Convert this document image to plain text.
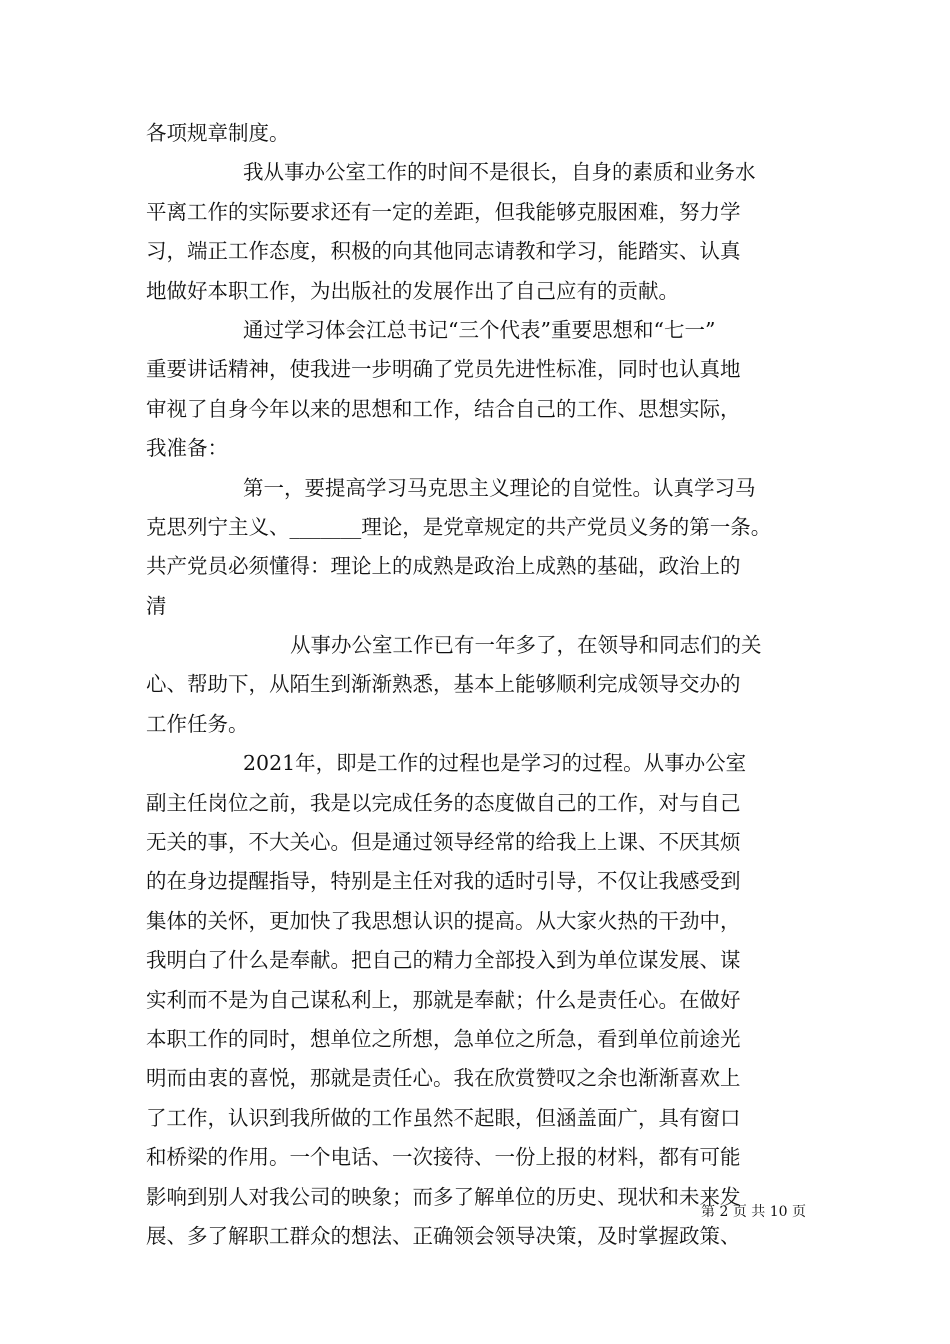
各项规章制度。
我从事办公室工作的时间不是很长，自身的素质和业务水
平离工作的实际要求还有一定的差距，但我能够克服困难，努力学
习，端正工作态度，积极的向其他同志请教和学习，能踏实、认真
地做好本职工作，为出版社的发展作出了自己应有的贡献。
通过学习体会江总书记“三个代表”重要思想和“七一”
重要讲话精神，使我进一步明确了党员先进性标准，同时也认真地
审视了自身今年以来的思想和工作，结合自己的工作、思想实际，
我准备：
第一，要提高学习马克思主义理论的自觉性。认真学习马
克思列宁主义、_______理论，是党章规定的共产党员义务的第一条。
共产党员必须懂得：理论上的成熟是政治上成熟的基础，政治上的
清
从事办公室工作已有一年多了，在领导和同志们的关
心、帮助下，从陌生到渐渐熟悉，基本上能够顺利完成领导交办的
工作任务。
2021年，即是工作的过程也是学习的过程。从事办公室
副主任岗位之前，我是以完成任务的态度做自己的工作，对与自己
无关的事，不大关心。但是通过领导经常的给我上上课、不厌其烦
的在身边提醒指导，特别是主任对我的适时引导，不仅让我感受到
集体的关怀，更加快了我思想认识的提高。从大家火热的干劲中，
我明白了什么是奉献。把自己的精力全部投入到为单位谋发展、谋
实利而不是为自己谋私利上，那就是奉献；什么是责任心。在做好
本职工作的同时，想单位之所想，急单位之所急，看到单位前途光
明而由衷的喜悦，那就是责任心。我在欣赏赞叹之余也渐渐喜欢上
了工作，认识到我所做的工作虽然不起眼，但涵盖面广，具有窗口
和桥梁的作用。一个电话、一次接待、一份上报的材料，都有可能
影响到别人对我公司的映象；而多了解单位的历史、现状和未来发
展、多了解职工群众的想法、正确领会领导决策，及时掌握政策、
第 2 页 共 10 页
